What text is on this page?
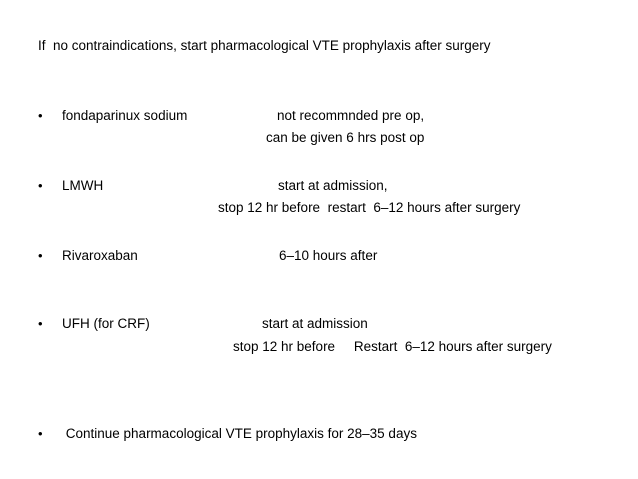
If  no contraindications, start pharmacological VTE prophylaxis after surgery

• fondaparinux sodium	not recommnded pre op,

can be given 6 hrs post op

• LMWH	start at admission,

stop 12 hr before  restart  6–12 hours after surgery

• Rivaroxaban	6–10 hours after

• UFH (for CRF)	start at admission

stop 12 hr before     Restart  6–12 hours after surgery

• Continue pharmacological VTE prophylaxis for 28–35 days
